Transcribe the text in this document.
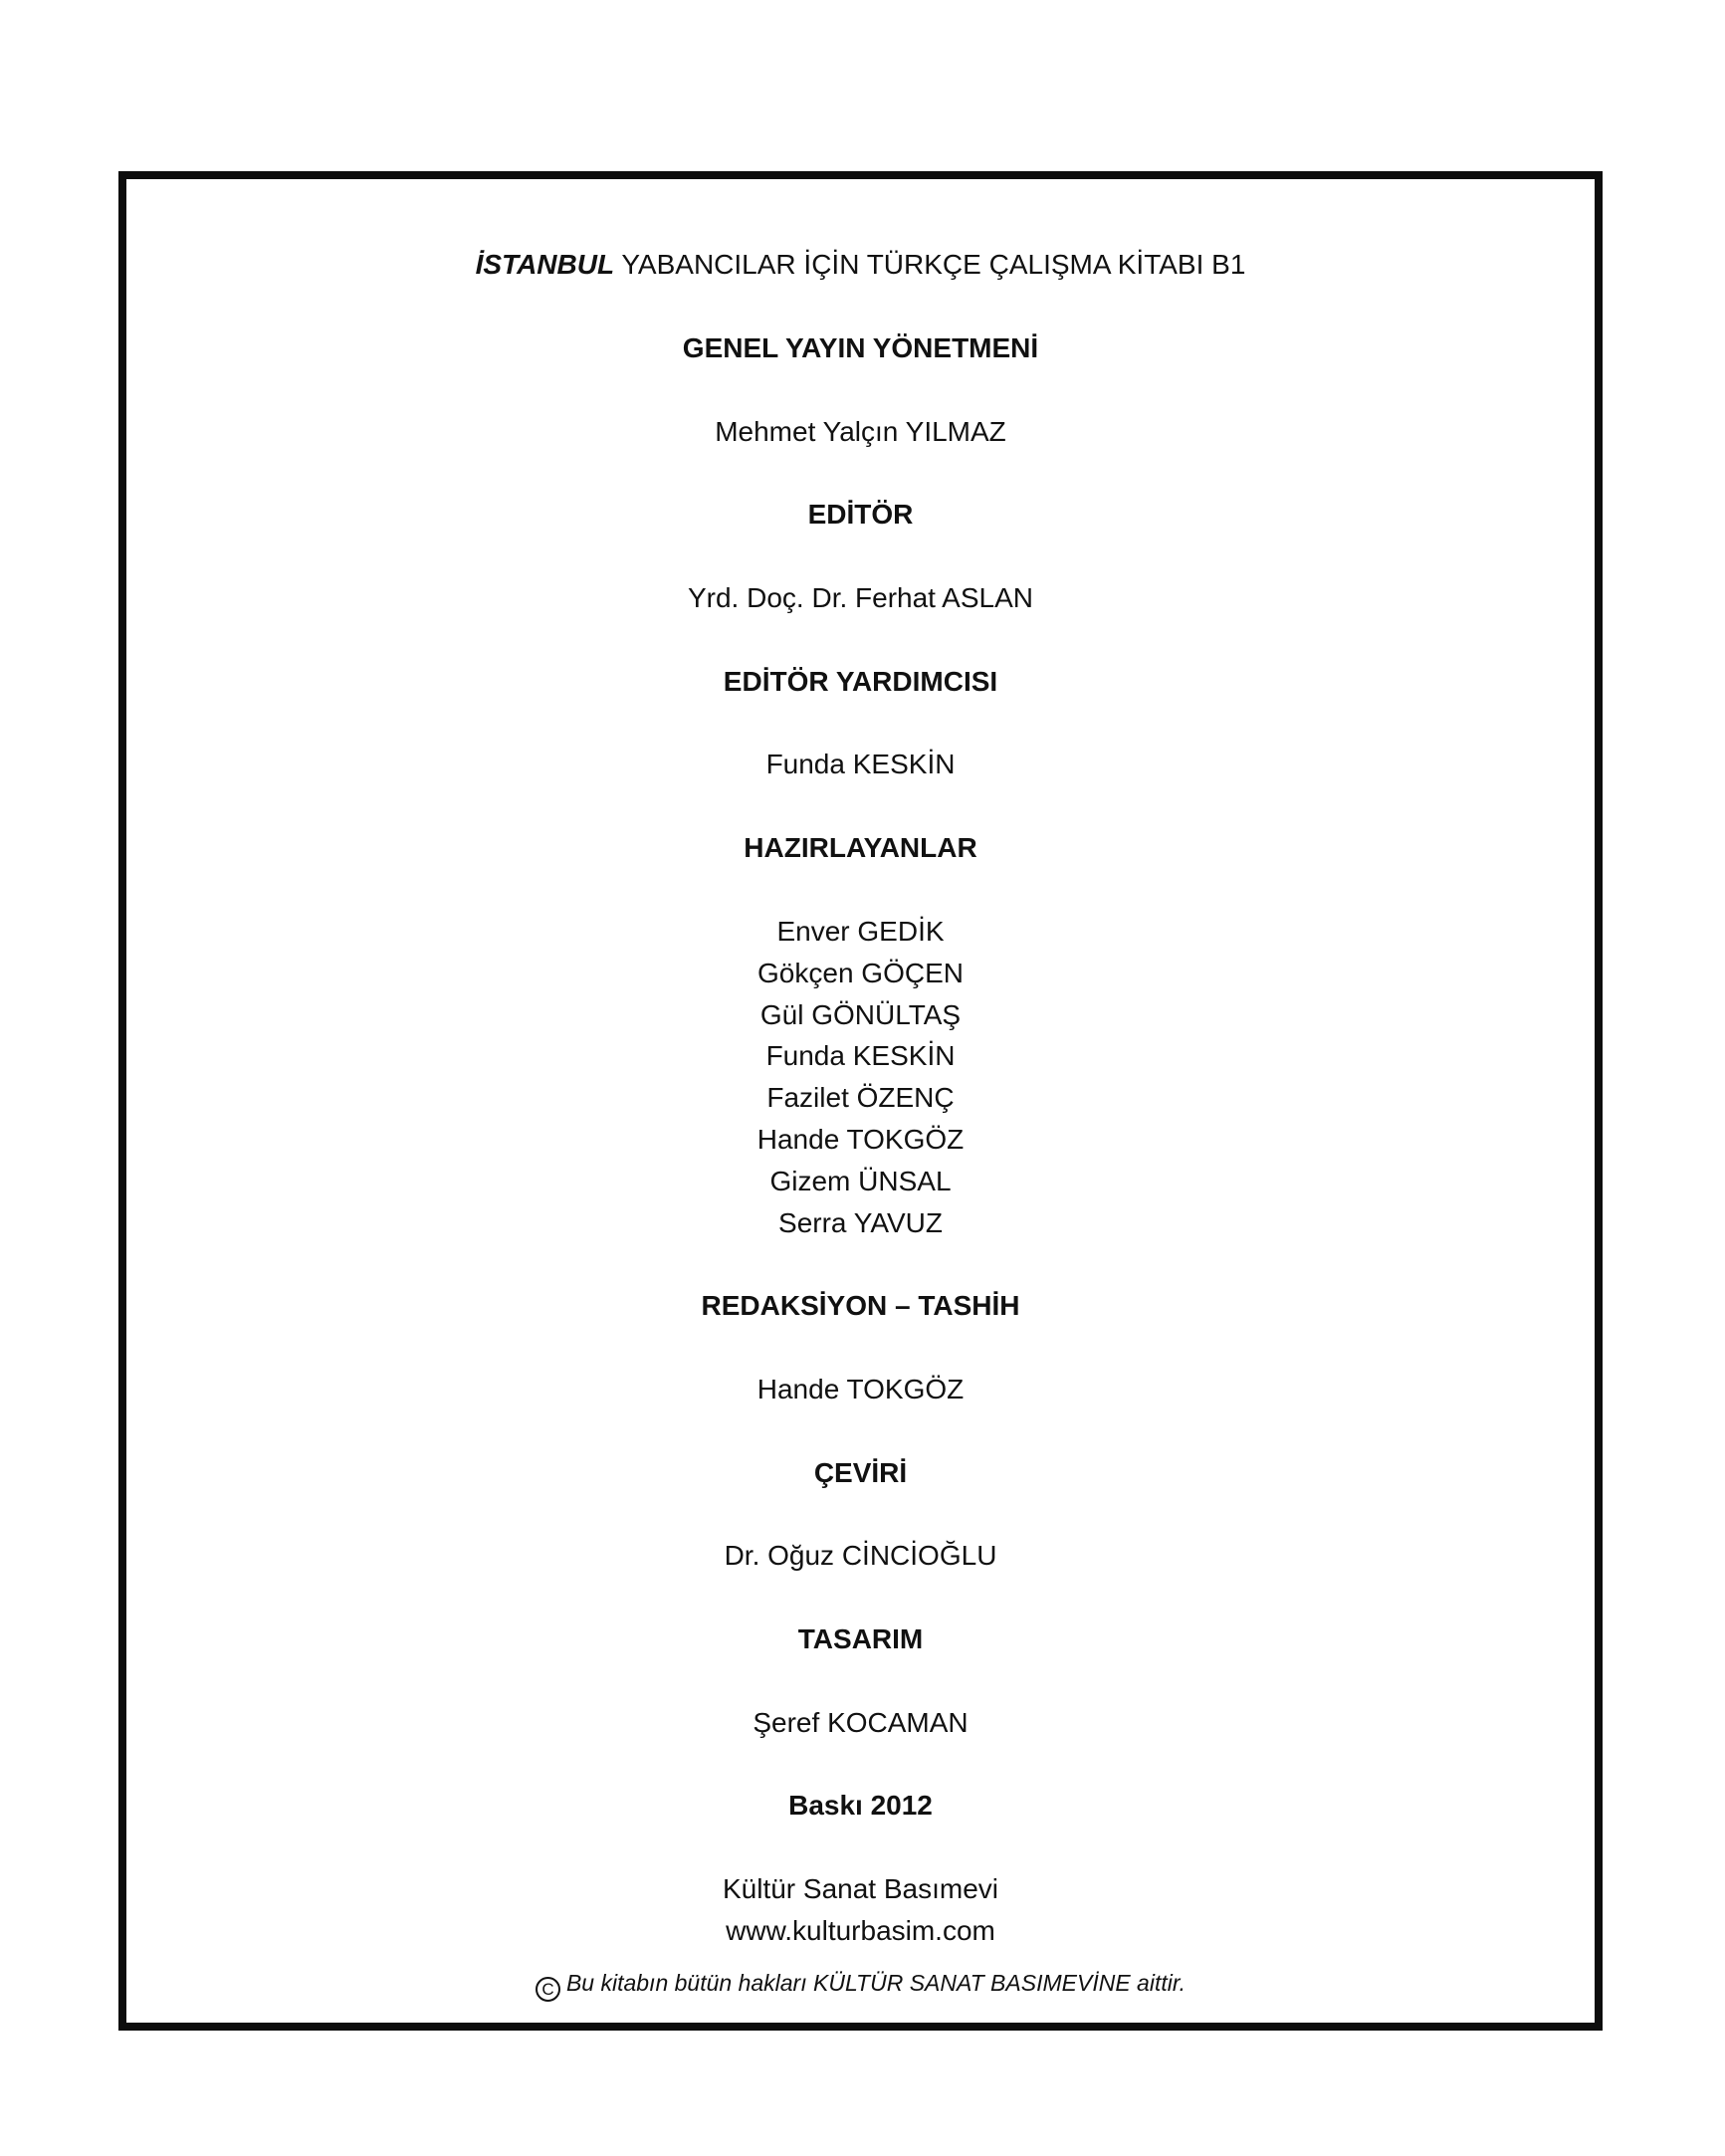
İSTANBUL YABANCILAR İÇİN TÜRKÇE ÇALIŞMA KİTABI B1
GENEL YAYIN YÖNETMENİ
Mehmet Yalçın YILMAZ
EDİTÖR
Yrd. Doç. Dr. Ferhat ASLAN
EDİTÖR YARDIMCISI
Funda KESKİN
HAZIRLAYANLAR
Enver GEDİK
Gökçen GÖÇEN
Gül GÖNÜLTAŞ
Funda KESKİN
Fazilet ÖZENÇ
Hande TOKGÖZ
Gizem ÜNSAL
Serra YAVUZ
REDAKSİYON – TASHİH
Hande TOKGÖZ
ÇEVİRİ
Dr. Oğuz CİNCİOĞLU
TASARIM
Şeref KOCAMAN
Baskı 2012
Kültür Sanat Basımevi
www.kulturbasim.com
C Bu kitabın bütün hakları KÜLTÜR SANAT BASIMEVİNE aittir.
